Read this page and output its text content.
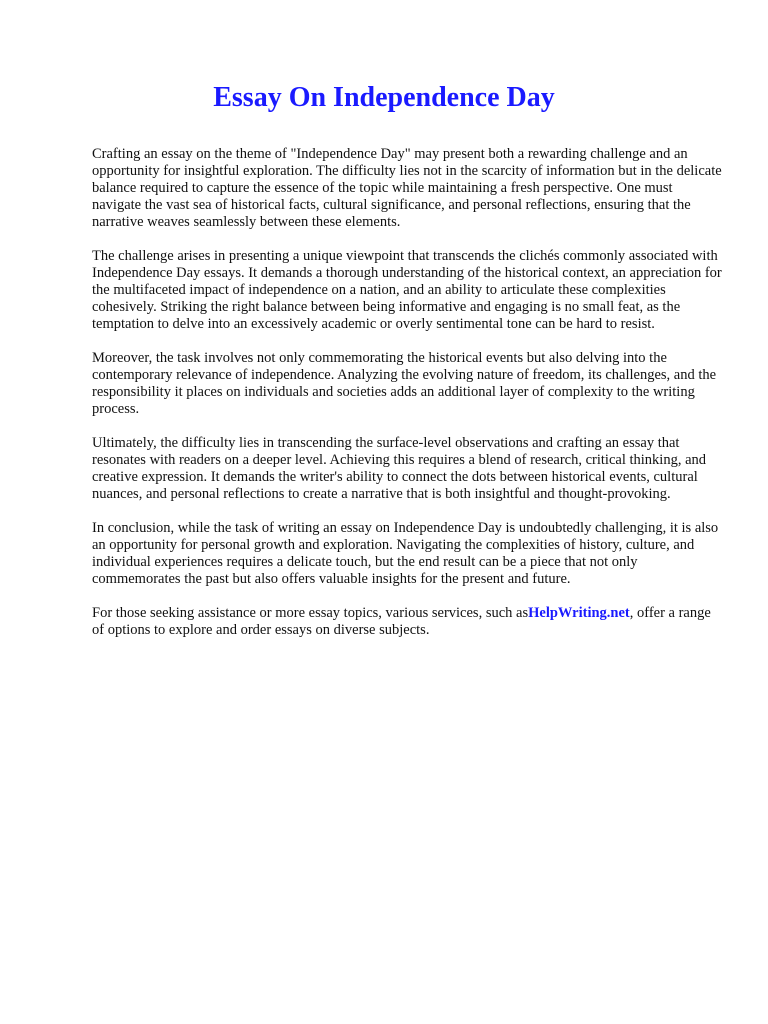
Essay On Independence Day

Crafting an essay on the theme of "Independence Day" may present both a rewarding challenge and an opportunity for insightful exploration. The difficulty lies not in the scarcity of information but in the delicate balance required to capture the essence of the topic while maintaining a fresh perspective. One must navigate the vast sea of historical facts, cultural significance, and personal reflections, ensuring that the narrative weaves seamlessly between these elements.

The challenge arises in presenting a unique viewpoint that transcends the clichés commonly associated with Independence Day essays. It demands a thorough understanding of the historical context, an appreciation for the multifaceted impact of independence on a nation, and an ability to articulate these complexities cohesively. Striking the right balance between being informative and engaging is no small feat, as the temptation to delve into an excessively academic or overly sentimental tone can be hard to resist.

Moreover, the task involves not only commemorating the historical events but also delving into the contemporary relevance of independence. Analyzing the evolving nature of freedom, its challenges, and the responsibility it places on individuals and societies adds an additional layer of complexity to the writing process.

Ultimately, the difficulty lies in transcending the surface-level observations and crafting an essay that resonates with readers on a deeper level. Achieving this requires a blend of research, critical thinking, and creative expression. It demands the writer's ability to connect the dots between historical events, cultural nuances, and personal reflections to create a narrative that is both insightful and thought-provoking.

In conclusion, while the task of writing an essay on Independence Day is undoubtedly challenging, it is also an opportunity for personal growth and exploration. Navigating the complexities of history, culture, and individual experiences requires a delicate touch, but the end result can be a piece that not only commemorates the past but also offers valuable insights for the present and future.

For those seeking assistance or more essay topics, various services, such asHelpWriting.net, offer a range of options to explore and order essays on diverse subjects.
